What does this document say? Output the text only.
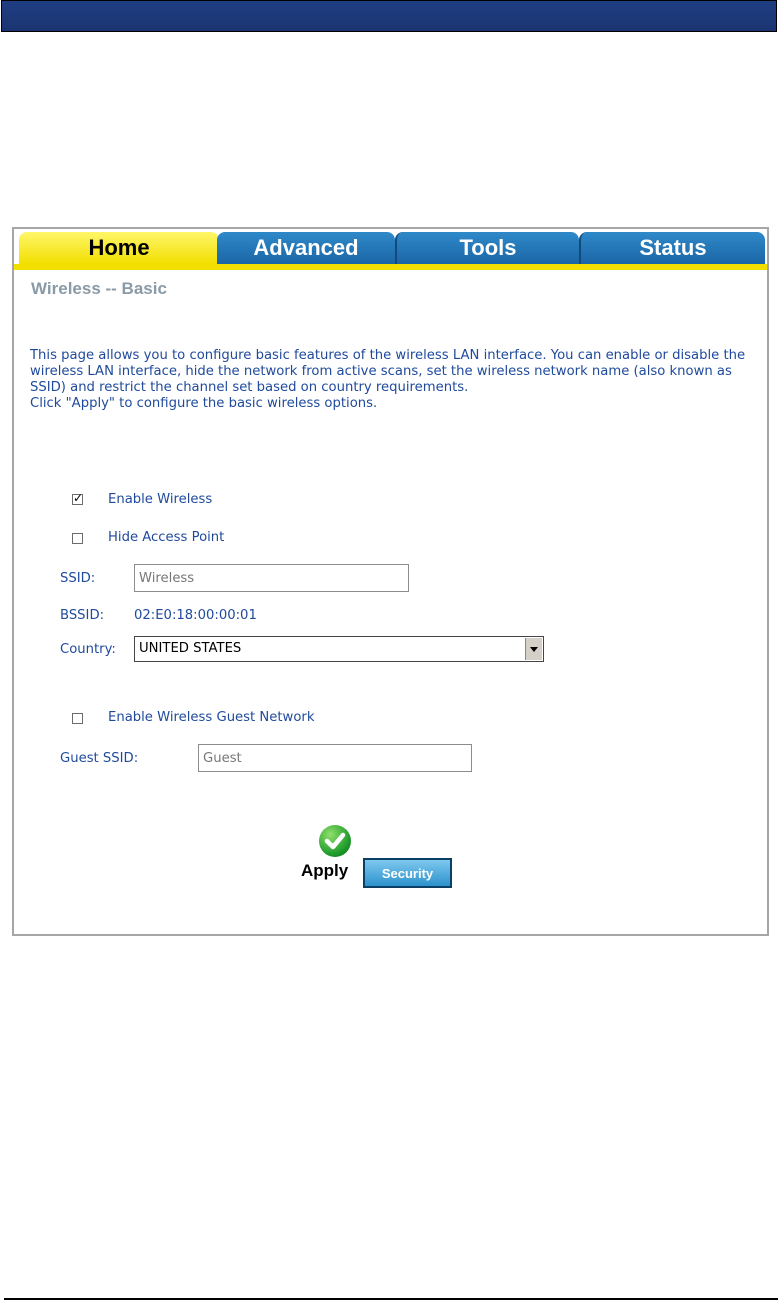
Home	Advanced	Tools	Status
Wireless -- Basic
This page allows you to configure basic features of the wireless LAN interface. You can enable or disable the wireless LAN interface, hide the network from active scans, set the wireless network name (also known as SSID) and restrict the channel set based on country requirements.
Click "Apply" to configure the basic wireless options.
✓
Enable Wireless
Hide Access Point
SSID:	Wireless
BSSID: 02:E0:18:00:00:01
Country: UNITED STATES
Enable Wireless Guest Network
Guest SSID:	Guest
Apply	Security
